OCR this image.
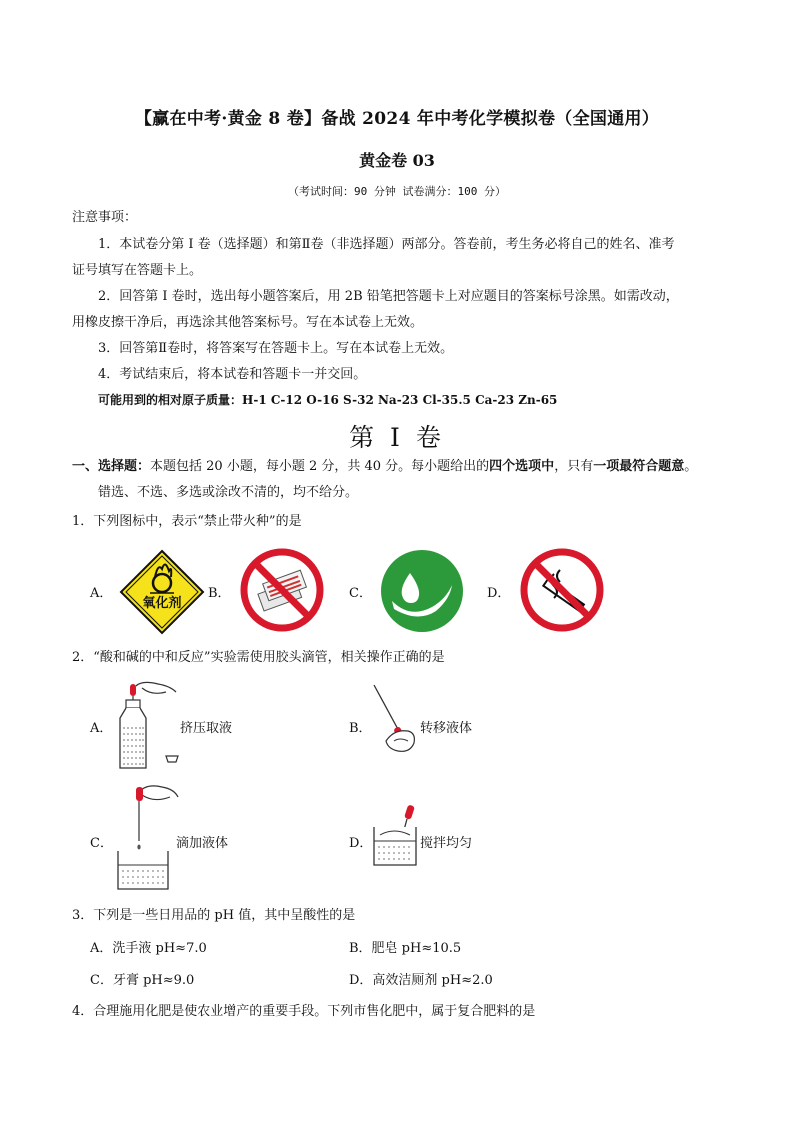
【赢在中考·黄金 8 卷】备战 2024 年中考化学模拟卷（全国通用）
黄金卷 03
（考试时间：90 分钟 试卷满分：100 分）
注意事项：
1．本试卷分第 I 卷（选择题）和第Ⅱ卷（非选择题）两部分。答卷前，考生务必将自己的姓名、准考
证号填写在答题卡上。
2．回答第 I 卷时，选出每小题答案后，用 2B 铅笔把答题卡上对应题目的答案标号涂黑。如需改动，
用橡皮擦干净后，再选涂其他答案标号。写在本试卷上无效。
3．回答第Ⅱ卷时，将答案写在答题卡上。写在本试卷上无效。
4．考试结束后，将本试卷和答题卡一并交回。
可能用到的相对原子质量：H-1 C-12 O-16 S-32 Na-23 Cl-35.5 Ca-23 Zn-65
第 I 卷
一、选择题：本题包括 20 小题，每小题 2 分，共 40 分。每小题给出的四个选项中，只有一项最符合题意。
错选、不选、多选或涂改不清的，均不给分。
1．下列图标中，表示“禁止带火种”的是
A．
氧化剂
B．	C．	D．
2．“酸和碱的中和反应”实验需使用胶头滴管，相关操作正确的是
A．	挤压取液	B．	转移液体
C．	滴加液体	D．	搅拌均匀
3．下列是一些日用品的 pH 值，其中呈酸性的是
A．洗手液 pH≈7.0	B．肥皂 pH≈10.5
C．牙膏 pH≈9.0	D．高效洁厕剂 pH≈2.0
4．合理施用化肥是使农业增产的重要手段。下列市售化肥中，属于复合肥料的是
